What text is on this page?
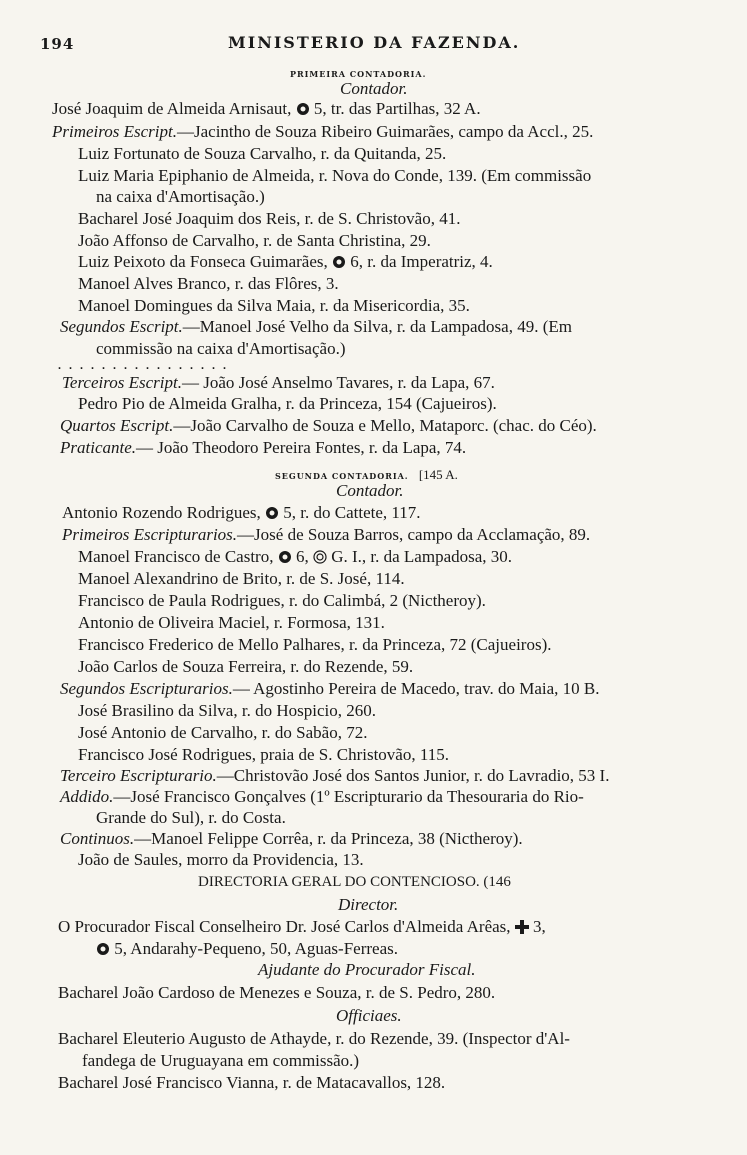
194	MINISTERIO DA FAZENDA.
PRIMEIRA CONTADORIA.
Contador.
José Joaquim de Almeida Arnisaut, 5, tr. das Partilhas, 32 A.
Primeiros Escript.—Jacintho de Souza Ribeiro Guimarães, campo da Accl., 25.
Luiz Fortunato de Souza Carvalho, r. da Quitanda, 25.
Luiz Maria Epiphanio de Almeida, r. Nova do Conde, 139. (Em commissão
na caixa d'Amortisação.)
Bacharel José Joaquim dos Reis, r. de S. Christovão, 41.
João Affonso de Carvalho, r. de Santa Christina, 29.
Luiz Peixoto da Fonseca Guimarães, 6, r. da Imperatriz, 4.
Manoel Alves Branco, r. das Flôres, 3.
Manoel Domingues da Silva Maia, r. da Misericordia, 35.
Segundos Escript.—Manoel José Velho da Silva, r. da Lampadosa, 49. (Em
commissão na caixa d'Amortisação.)
................
Terceiros Escript.— João José Anselmo Tavares, r. da Lapa, 67.
Pedro Pio de Almeida Gralha, r. da Princeza, 154 (Cajueiros).
Quartos Escript.—João Carvalho de Souza e Mello, Mataporc. (chac. do Céo).
Praticante.— João Theodoro Pereira Fontes, r. da Lapa, 74.
SEGUNDA CONTADORIA. [145 A.
Contador.
Antonio Rozendo Rodrigues, 5, r. do Cattete, 117.
Primeiros Escripturarios.—José de Souza Barros, campo da Acclamação, 89.
Manoel Francisco de Castro, 6, G. I., r. da Lampadosa, 30.
Manoel Alexandrino de Brito, r. de S. José, 114.
Francisco de Paula Rodrigues, r. do Calimbá, 2 (Nictheroy).
Antonio de Oliveira Maciel, r. Formosa, 131.
Francisco Frederico de Mello Palhares, r. da Princeza, 72 (Cajueiros).
João Carlos de Souza Ferreira, r. do Rezende, 59.
Segundos Escripturarios.— Agostinho Pereira de Macedo, trav. do Maia, 10 B.
José Brasilino da Silva, r. do Hospicio, 260.
José Antonio de Carvalho, r. do Sabão, 72.
Francisco José Rodrigues, praia de S. Christovão, 115.
Terceiro Escripturario.—Christovão José dos Santos Junior, r. do Lavradio, 53 I.
Addido.—José Francisco Gonçalves (1º Escripturario da Thesouraria do Rio-
Grande do Sul), r. do Costa.
Continuos.—Manoel Felippe Corrêa, r. da Princeza, 38 (Nictheroy).
João de Saules, morro da Providencia, 13.
DIRECTORIA GERAL DO CONTENCIOSO. (146
Director.
O Procurador Fiscal Conselheiro Dr. José Carlos d'Almeida Arêas, 3,
5, Andarahy-Pequeno, 50, Aguas-Ferreas.
Ajudante do Procurador Fiscal.
Bacharel João Cardoso de Menezes e Souza, r. de S. Pedro, 280.
Officiaes.
Bacharel Eleuterio Augusto de Athayde, r. do Rezende, 39. (Inspector d'Al-
fandega de Uruguayana em commissão.)
Bacharel José Francisco Vianna, r. de Matacavallos, 128.
